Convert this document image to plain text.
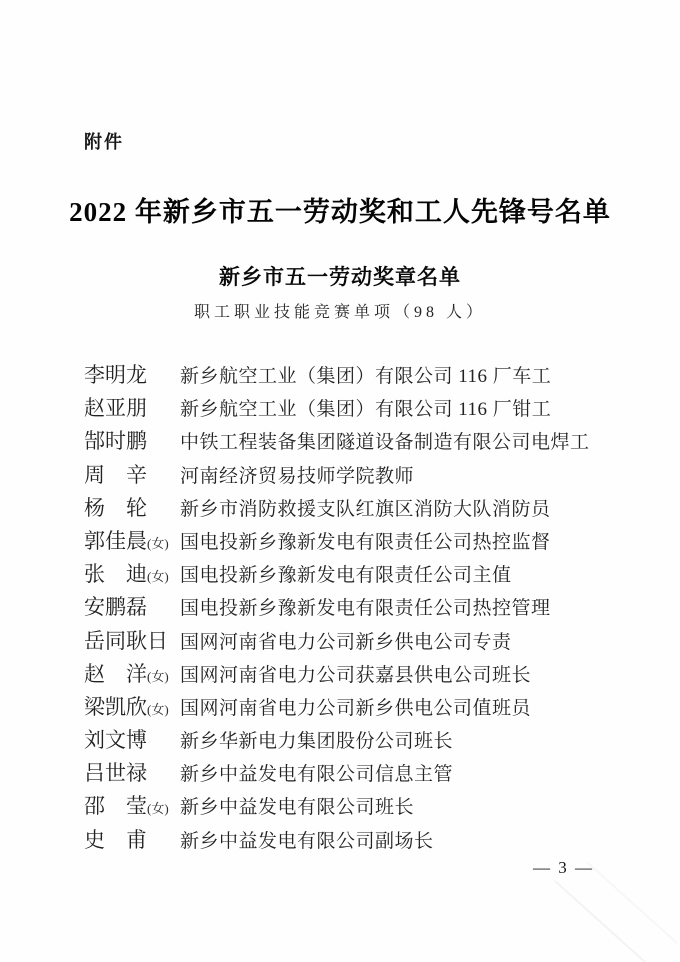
附件
2022 年新乡市五一劳动奖和工人先锋号名单
新乡市五一劳动奖章名单
职工职业技能竞赛单项（98 人）
李明龙 新乡航空工业（集团）有限公司 116 厂车工
赵亚朋 新乡航空工业（集团）有限公司 116 厂钳工
郜时鹏 中铁工程装备集团隧道设备制造有限公司电焊工
周　辛 河南经济贸易技师学院教师
杨　轮 新乡市消防救援支队红旗区消防大队消防员
郭佳晨(女) 国电投新乡豫新发电有限责任公司热控监督
张　迪(女) 国电投新乡豫新发电有限责任公司主值
安鹏磊 国电投新乡豫新发电有限责任公司热控管理
岳同耿日 国网河南省电力公司新乡供电公司专责
赵　洋(女) 国网河南省电力公司获嘉县供电公司班长
梁凯欣(女) 国网河南省电力公司新乡供电公司值班员
刘文博 新乡华新电力集团股份公司班长
吕世禄 新乡中益发电有限公司信息主管
邵　莹(女) 新乡中益发电有限公司班长
史　甫 新乡中益发电有限公司副场长
— 3 —
